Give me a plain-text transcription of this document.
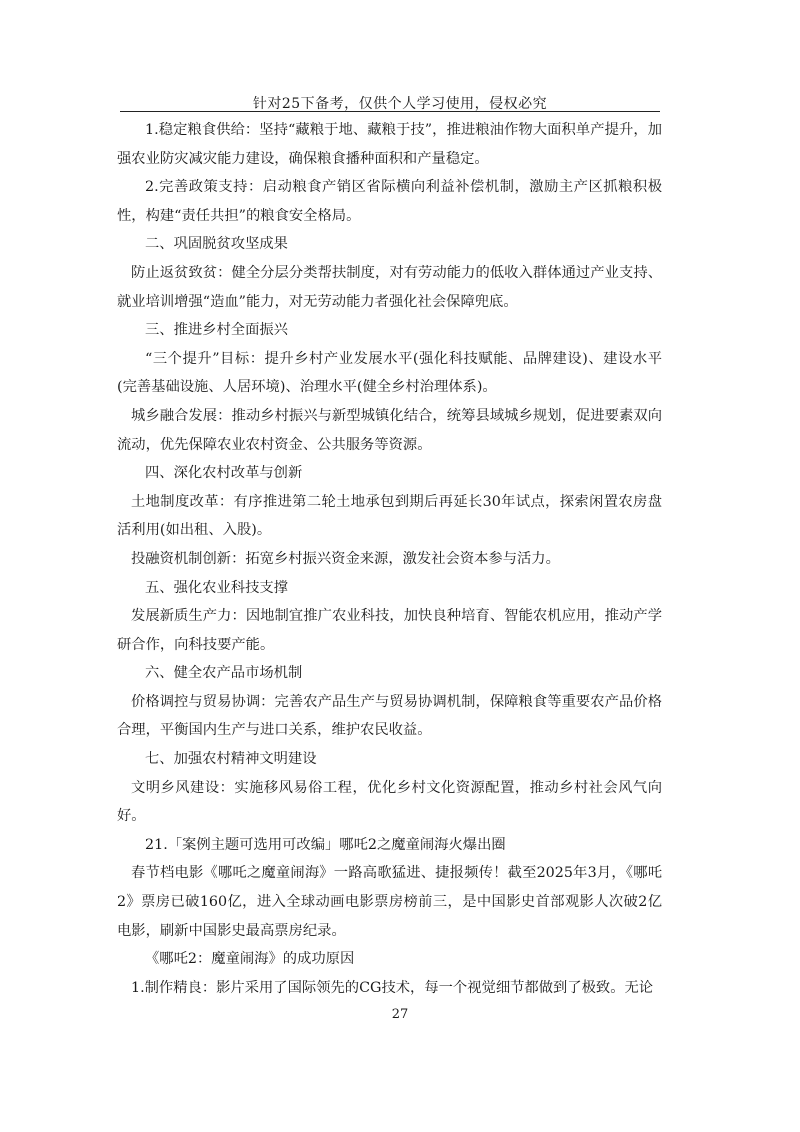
针对25下备考，仅供个人学习使用，侵权必究

1.稳定粮食供给：坚持“藏粮于地、藏粮于技”，推进粮油作物大面积单产提升，加强农业防灾减灾能力建设，确保粮食播种面积和产量稳定。

2.完善政策支持：启动粮食产销区省际横向利益补偿机制，激励主产区抓粮积极性，构建“责任共担”的粮食安全格局。

二、巩固脱贫攻坚成果

防止返贫致贫：健全分层分类帮扶制度，对有劳动能力的低收入群体通过产业支持、就业培训增强“造血”能力，对无劳动能力者强化社会保障兜底。

三、推进乡村全面振兴

“三个提升”目标：提升乡村产业发展水平(强化科技赋能、品牌建设)、建设水平(完善基础设施、人居环境)、治理水平(健全乡村治理体系)。

城乡融合发展：推动乡村振兴与新型城镇化结合，统筹县域城乡规划，促进要素双向流动，优先保障农业农村资金、公共服务等资源。

四、深化农村改革与创新

土地制度改革：有序推进第二轮土地承包到期后再延长30年试点，探索闲置农房盘活利用(如出租、入股)。

投融资机制创新：拓宽乡村振兴资金来源，激发社会资本参与活力。

五、强化农业科技支撑

发展新质生产力：因地制宜推广农业科技，加快良种培育、智能农机应用，推动产学研合作，向科技要产能。

六、健全农产品市场机制

价格调控与贸易协调：完善农产品生产与贸易协调机制，保障粮食等重要农产品价格合理，平衡国内生产与进口关系，维护农民收益。

七、加强农村精神文明建设

文明乡风建设：实施移风易俗工程，优化乡村文化资源配置，推动乡村社会风气向好。

21.「案例主题可选用可改编」哪吒2之魔童闹海火爆出圈

春节档电影《哪吒之魔童闹海》一路高歌猛进、捷报频传！截至2025年3月，《哪吒2》票房已破160亿，进入全球动画电影票房榜前三，是中国影史首部观影人次破2亿电影，刷新中国影史最高票房纪录。

《哪吒2：魔童闹海》的成功原因

1.制作精良：影片采用了国际领先的CG技术，每一个视觉细节都做到了极致。无论

27
